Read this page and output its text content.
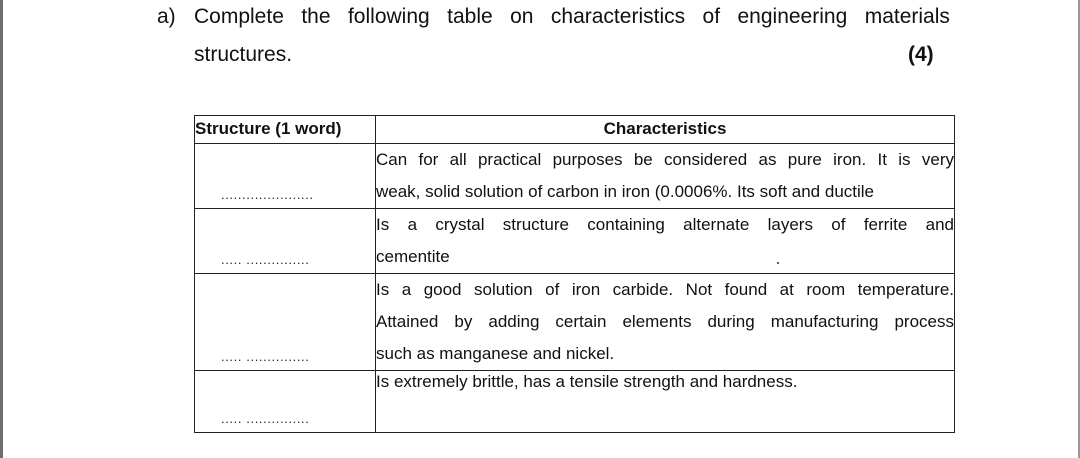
a) Complete the following table on characteristics of engineering materials
structures.	(4)
Structure (1 word)	Characteristics

......................	Can for all practical purposes be considered as pure iron. It is very
weak, solid solution of carbon in iron (0.0006%. Its soft and ductile

..... ...............	Is a crystal structure containing alternate layers of ferrite and
cementite

..... ...............	Is a good solution of iron carbide. Not found at room temperature.
Attained by adding certain elements during manufacturing process
such as manganese and nickel.

..... ...............	Is extremely brittle, has a tensile strength and hardness.
